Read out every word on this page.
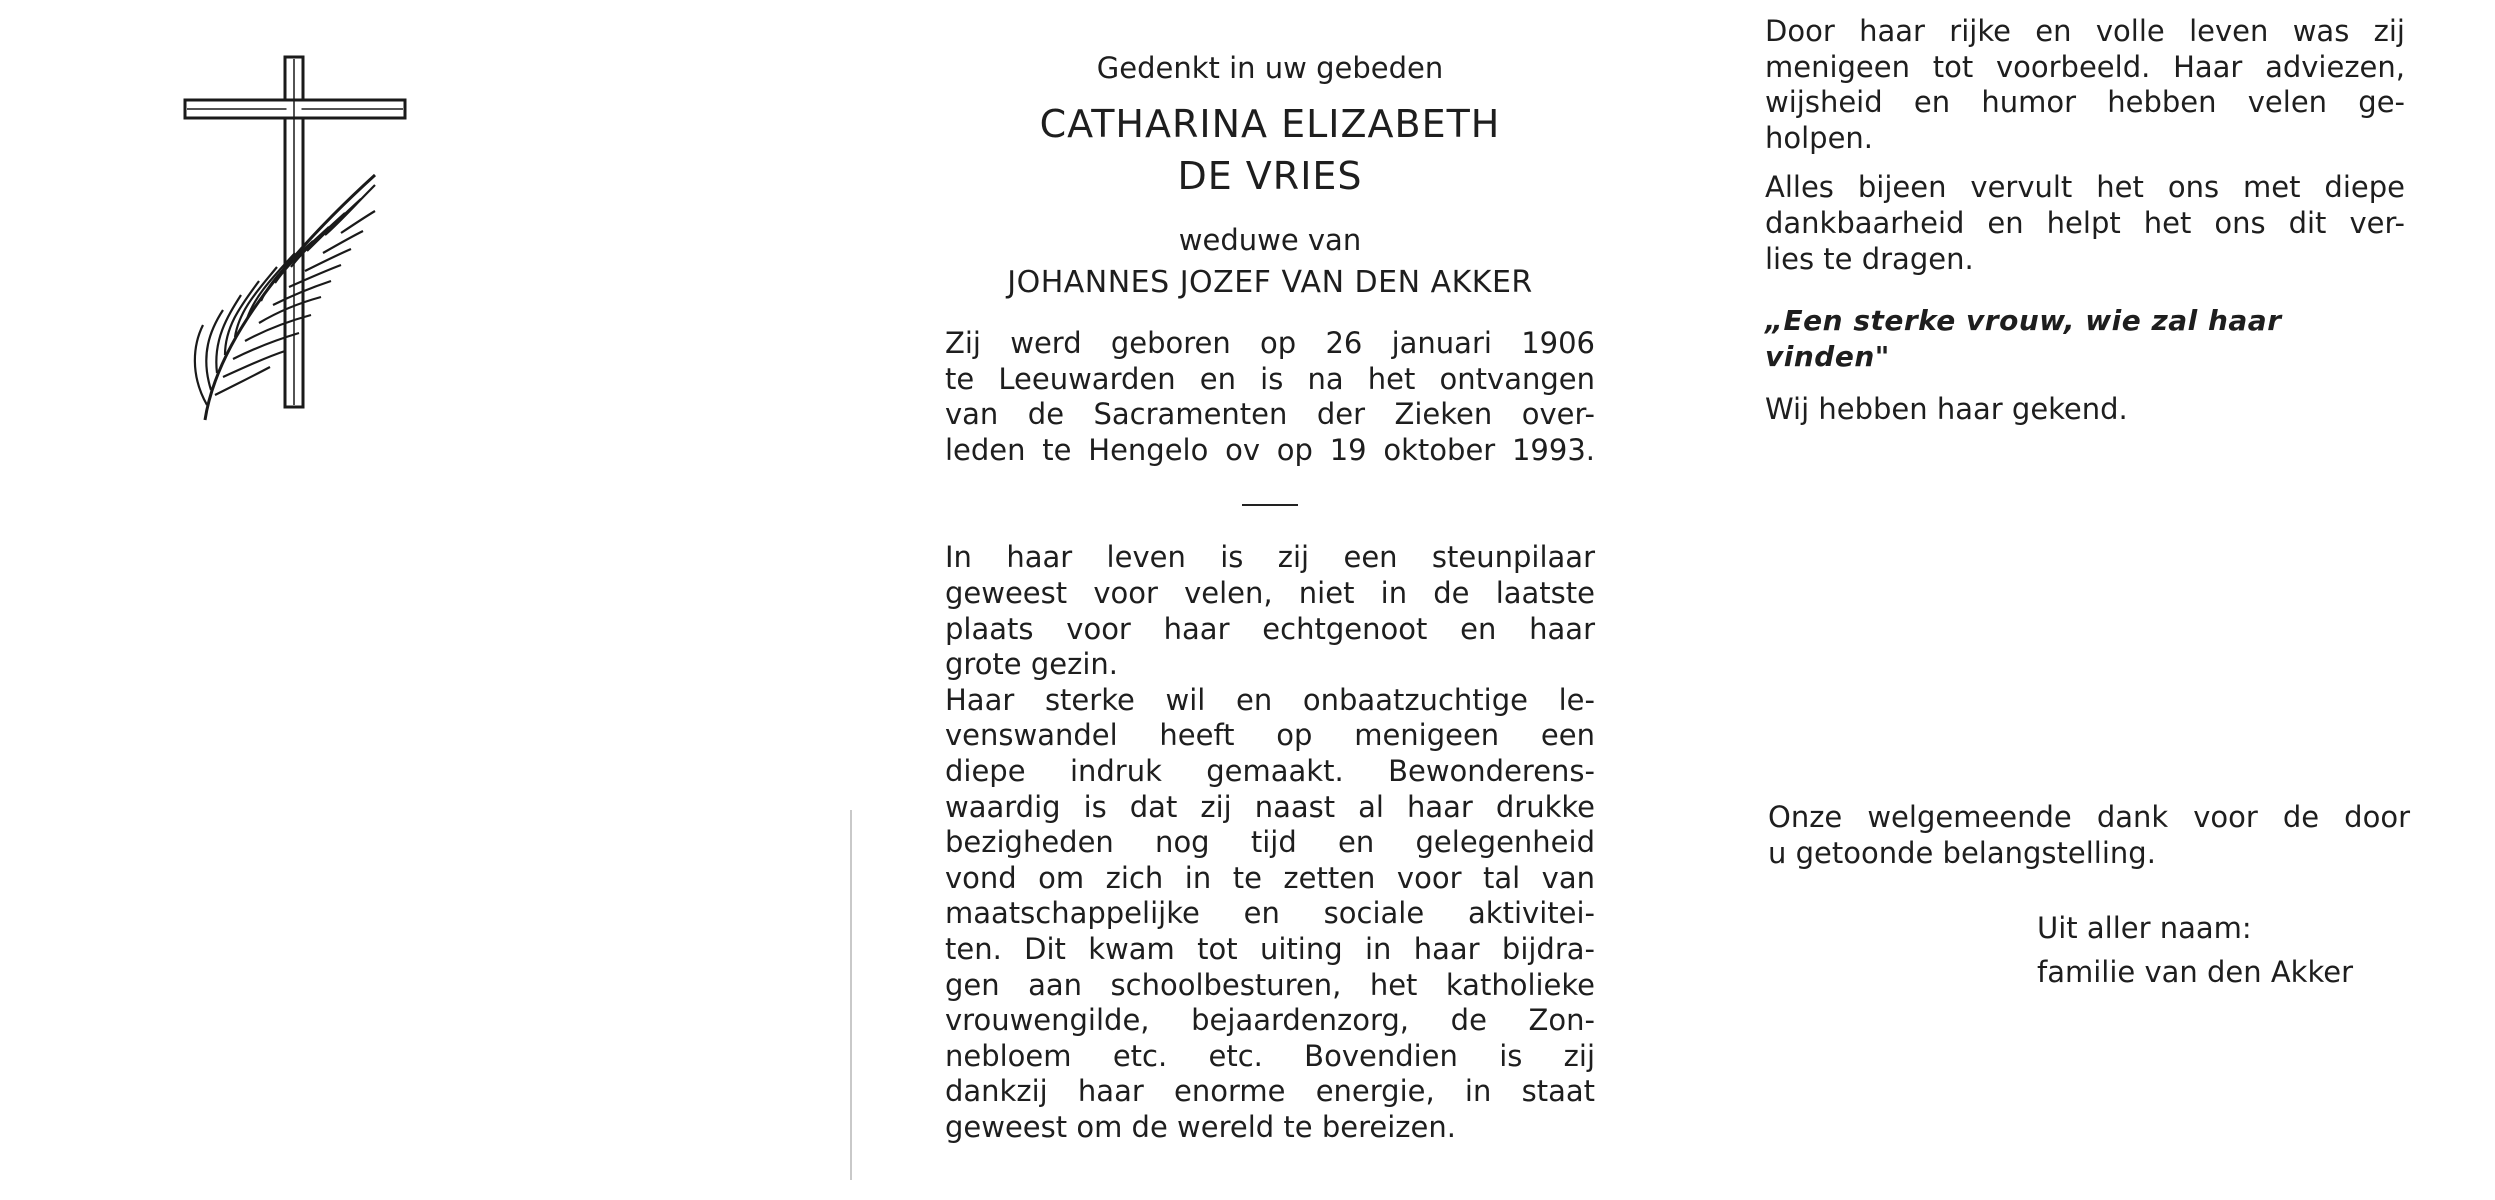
Gedenkt in uw gebeden

CATHARINA ELIZABETH

DE VRIES

weduwe van

JOHANNES JOZEF VAN DEN AKKER

Zij werd geboren op 26 januari 1906
te Leeuwarden en is na het ontvangen
van de Sacramenten der Zieken over-
leden te Hengelo ov op 19 oktober 1993.

In haar leven is zij een steunpilaar
geweest voor velen, niet in de laatste
plaats voor haar echtgenoot en haar
grote gezin.
Haar sterke wil en onbaatzuchtige le-
venswandel heeft op menigeen een
diepe indruk gemaakt. Bewonderens-
waardig is dat zij naast al haar drukke
bezigheden nog tijd en gelegenheid
vond om zich in te zetten voor tal van
maatschappelijke en sociale aktivitei-
ten. Dit kwam tot uiting in haar bijdra-
gen aan schoolbesturen, het katholieke
vrouwengilde, bejaardenzorg, de Zon-
nebloem etc. etc. Bovendien is zij
dankzij haar enorme energie, in staat
geweest om de wereld te bereizen.

Door haar rijke en volle leven was zij
menigeen tot voorbeeld. Haar adviezen,
wijsheid en humor hebben velen ge-
holpen.

Alles bijeen vervult het ons met diepe
dankbaarheid en helpt het ons dit ver-
lies te dragen.

„Een sterke vrouw, wie zal haar vinden"

Wij hebben haar gekend.

Onze welgemeende dank voor de door
u getoonde belangstelling.

Uit aller naam:
familie van den Akker
